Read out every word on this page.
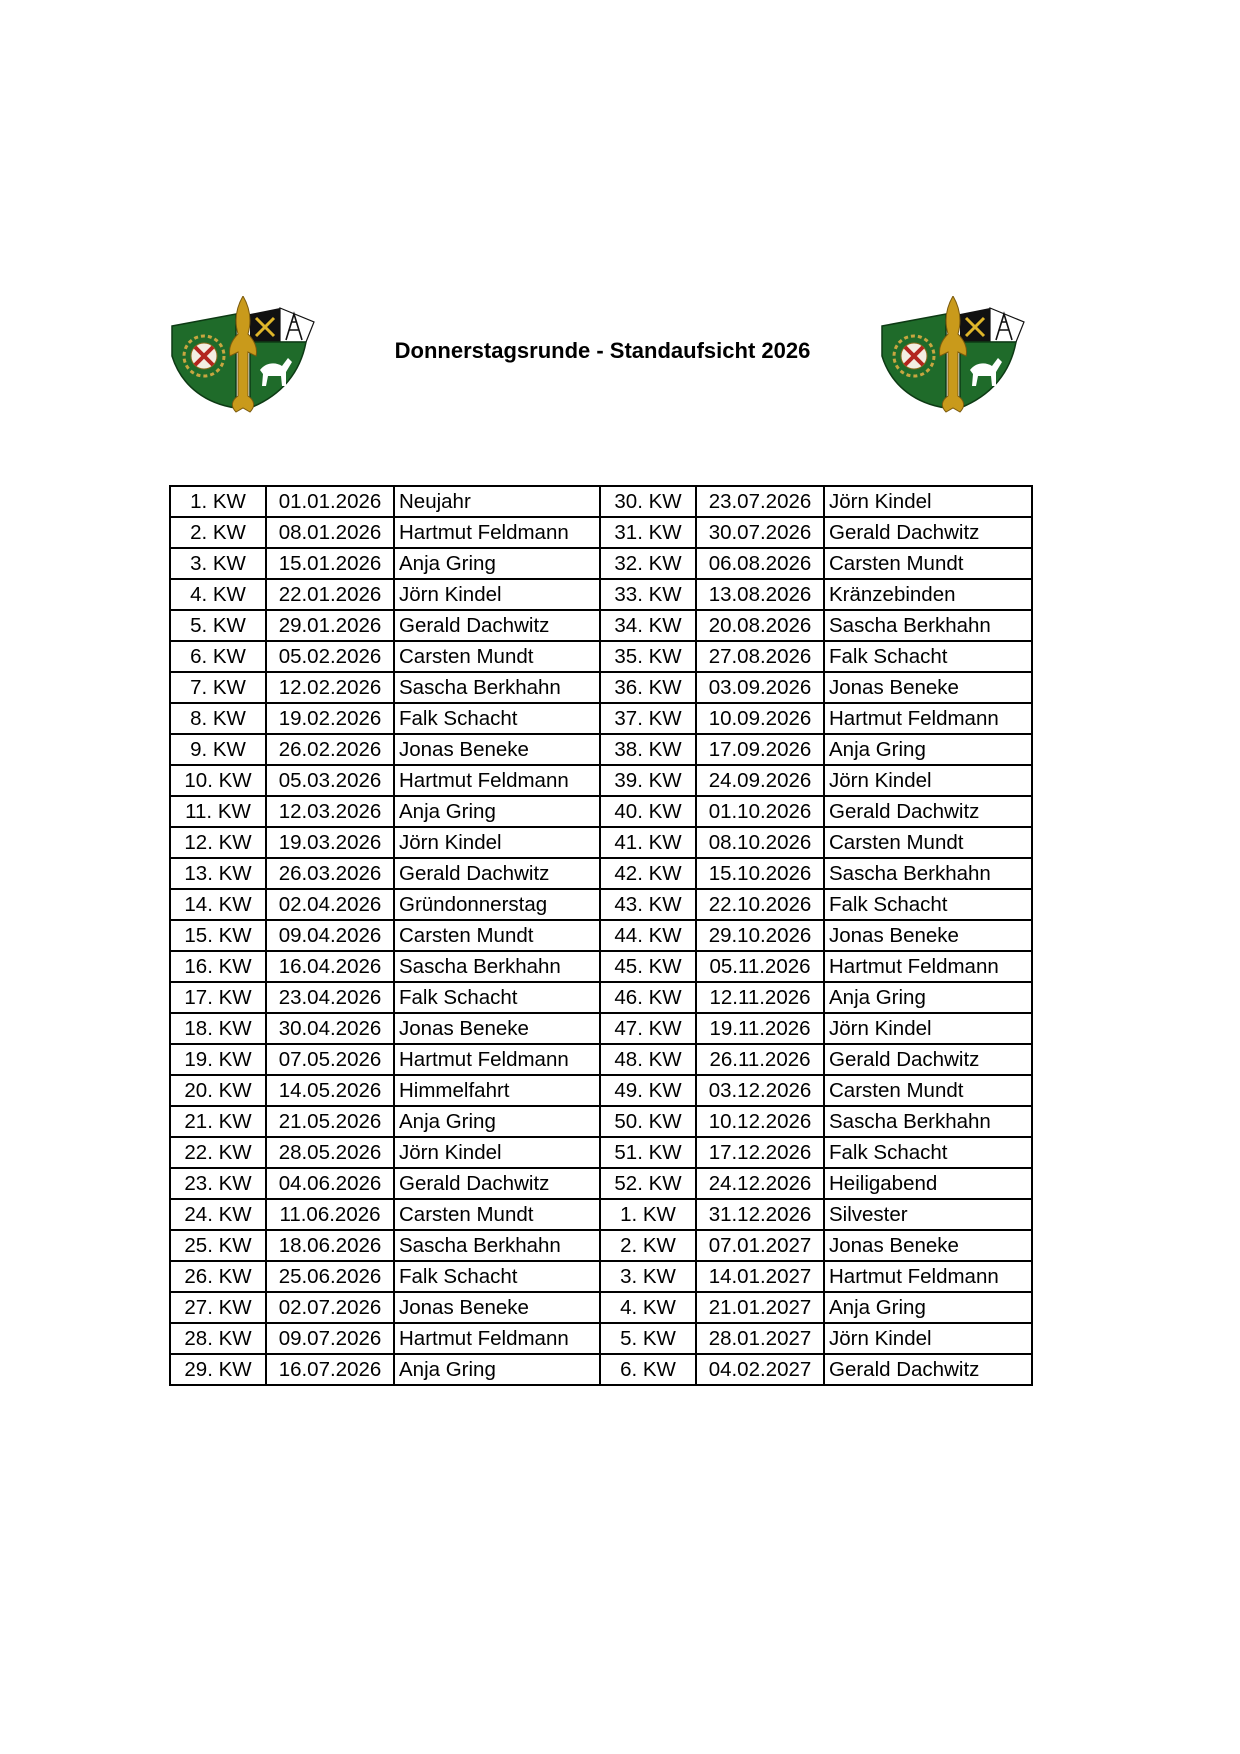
Donnerstagsrunde - Standaufsicht 2026
1. KW	01.01.2026	Neujahr	30. KW	23.07.2026	Jörn Kindel
2. KW	08.01.2026	Hartmut Feldmann	31. KW	30.07.2026	Gerald Dachwitz
3. KW	15.01.2026	Anja Gring	32. KW	06.08.2026	Carsten Mundt
4. KW	22.01.2026	Jörn Kindel	33. KW	13.08.2026	Kränzebinden
5. KW	29.01.2026	Gerald Dachwitz	34. KW	20.08.2026	Sascha Berkhahn
6. KW	05.02.2026	Carsten Mundt	35. KW	27.08.2026	Falk Schacht
7. KW	12.02.2026	Sascha Berkhahn	36. KW	03.09.2026	Jonas Beneke
8. KW	19.02.2026	Falk Schacht	37. KW	10.09.2026	Hartmut Feldmann
9. KW	26.02.2026	Jonas Beneke	38. KW	17.09.2026	Anja Gring
10. KW	05.03.2026	Hartmut Feldmann	39. KW	24.09.2026	Jörn Kindel
11. KW	12.03.2026	Anja Gring	40. KW	01.10.2026	Gerald Dachwitz
12. KW	19.03.2026	Jörn Kindel	41. KW	08.10.2026	Carsten Mundt
13. KW	26.03.2026	Gerald Dachwitz	42. KW	15.10.2026	Sascha Berkhahn
14. KW	02.04.2026	Gründonnerstag	43. KW	22.10.2026	Falk Schacht
15. KW	09.04.2026	Carsten Mundt	44. KW	29.10.2026	Jonas Beneke
16. KW	16.04.2026	Sascha Berkhahn	45. KW	05.11.2026	Hartmut Feldmann
17. KW	23.04.2026	Falk Schacht	46. KW	12.11.2026	Anja Gring
18. KW	30.04.2026	Jonas Beneke	47. KW	19.11.2026	Jörn Kindel
19. KW	07.05.2026	Hartmut Feldmann	48. KW	26.11.2026	Gerald Dachwitz
20. KW	14.05.2026	Himmelfahrt	49. KW	03.12.2026	Carsten Mundt
21. KW	21.05.2026	Anja Gring	50. KW	10.12.2026	Sascha Berkhahn
22. KW	28.05.2026	Jörn Kindel	51. KW	17.12.2026	Falk Schacht
23. KW	04.06.2026	Gerald Dachwitz	52. KW	24.12.2026	Heiligabend
24. KW	11.06.2026	Carsten Mundt	1. KW	31.12.2026	Silvester
25. KW	18.06.2026	Sascha Berkhahn	2. KW	07.01.2027	Jonas Beneke
26. KW	25.06.2026	Falk Schacht	3. KW	14.01.2027	Hartmut Feldmann
27. KW	02.07.2026	Jonas Beneke	4. KW	21.01.2027	Anja Gring
28. KW	09.07.2026	Hartmut Feldmann	5. KW	28.01.2027	Jörn Kindel
29. KW	16.07.2026	Anja Gring	6. KW	04.02.2027	Gerald Dachwitz
